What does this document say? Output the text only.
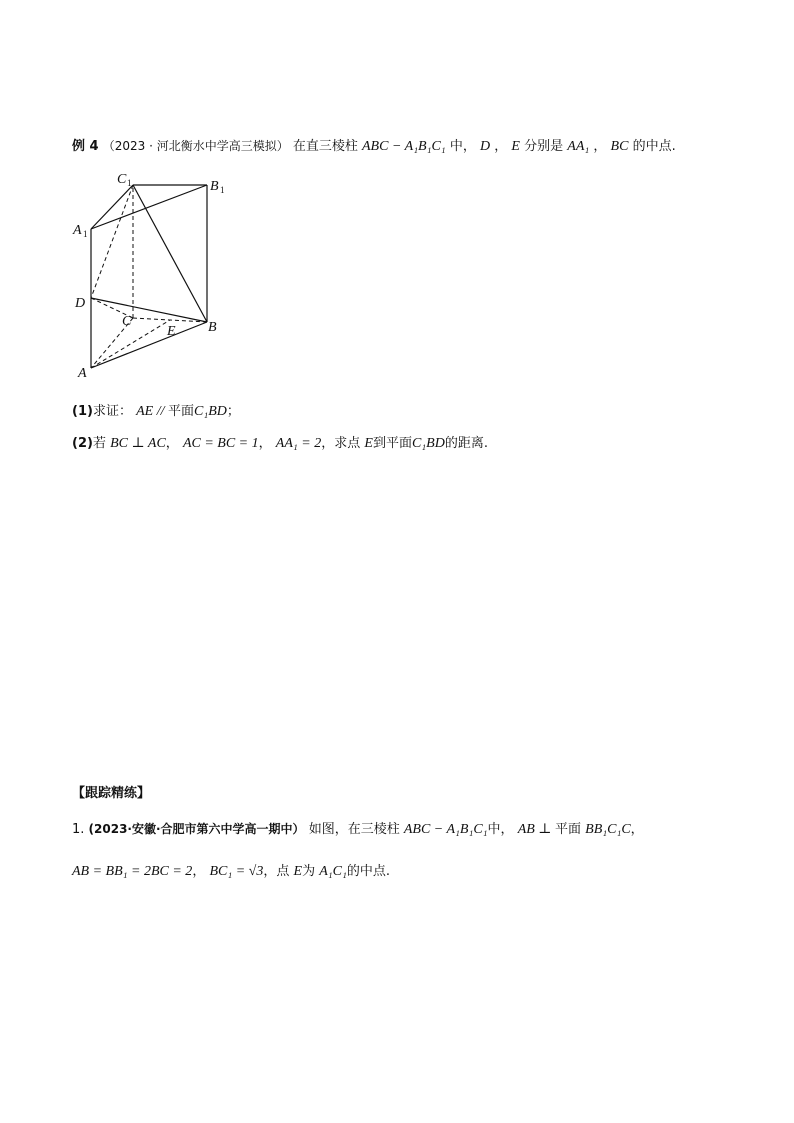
例 4 （2023 · 河北衡水中学高三模拟） 在直三棱柱 ABC − A₁B₁C₁ 中， D ， E 分别是 AA₁ ， BC 的中点.
C 1	B 1
A 1
D
C
E B
A
(1)求证： AE // 平面C₁BD；
(2)若 BC ⊥ AC， AC = BC = 1， AA₁ = 2，求点 E到平面C₁BD的距离.
【跟踪精练】
1. (2023·安徽·合肥市第六中学高一期中） 如图，在三棱柱 ABC − A₁B₁C₁中， AB ⊥ 平面 BB₁C₁C，
AB = BB₁ = 2BC = 2， BC₁ = √3，点 E为 A₁C₁的中点.
